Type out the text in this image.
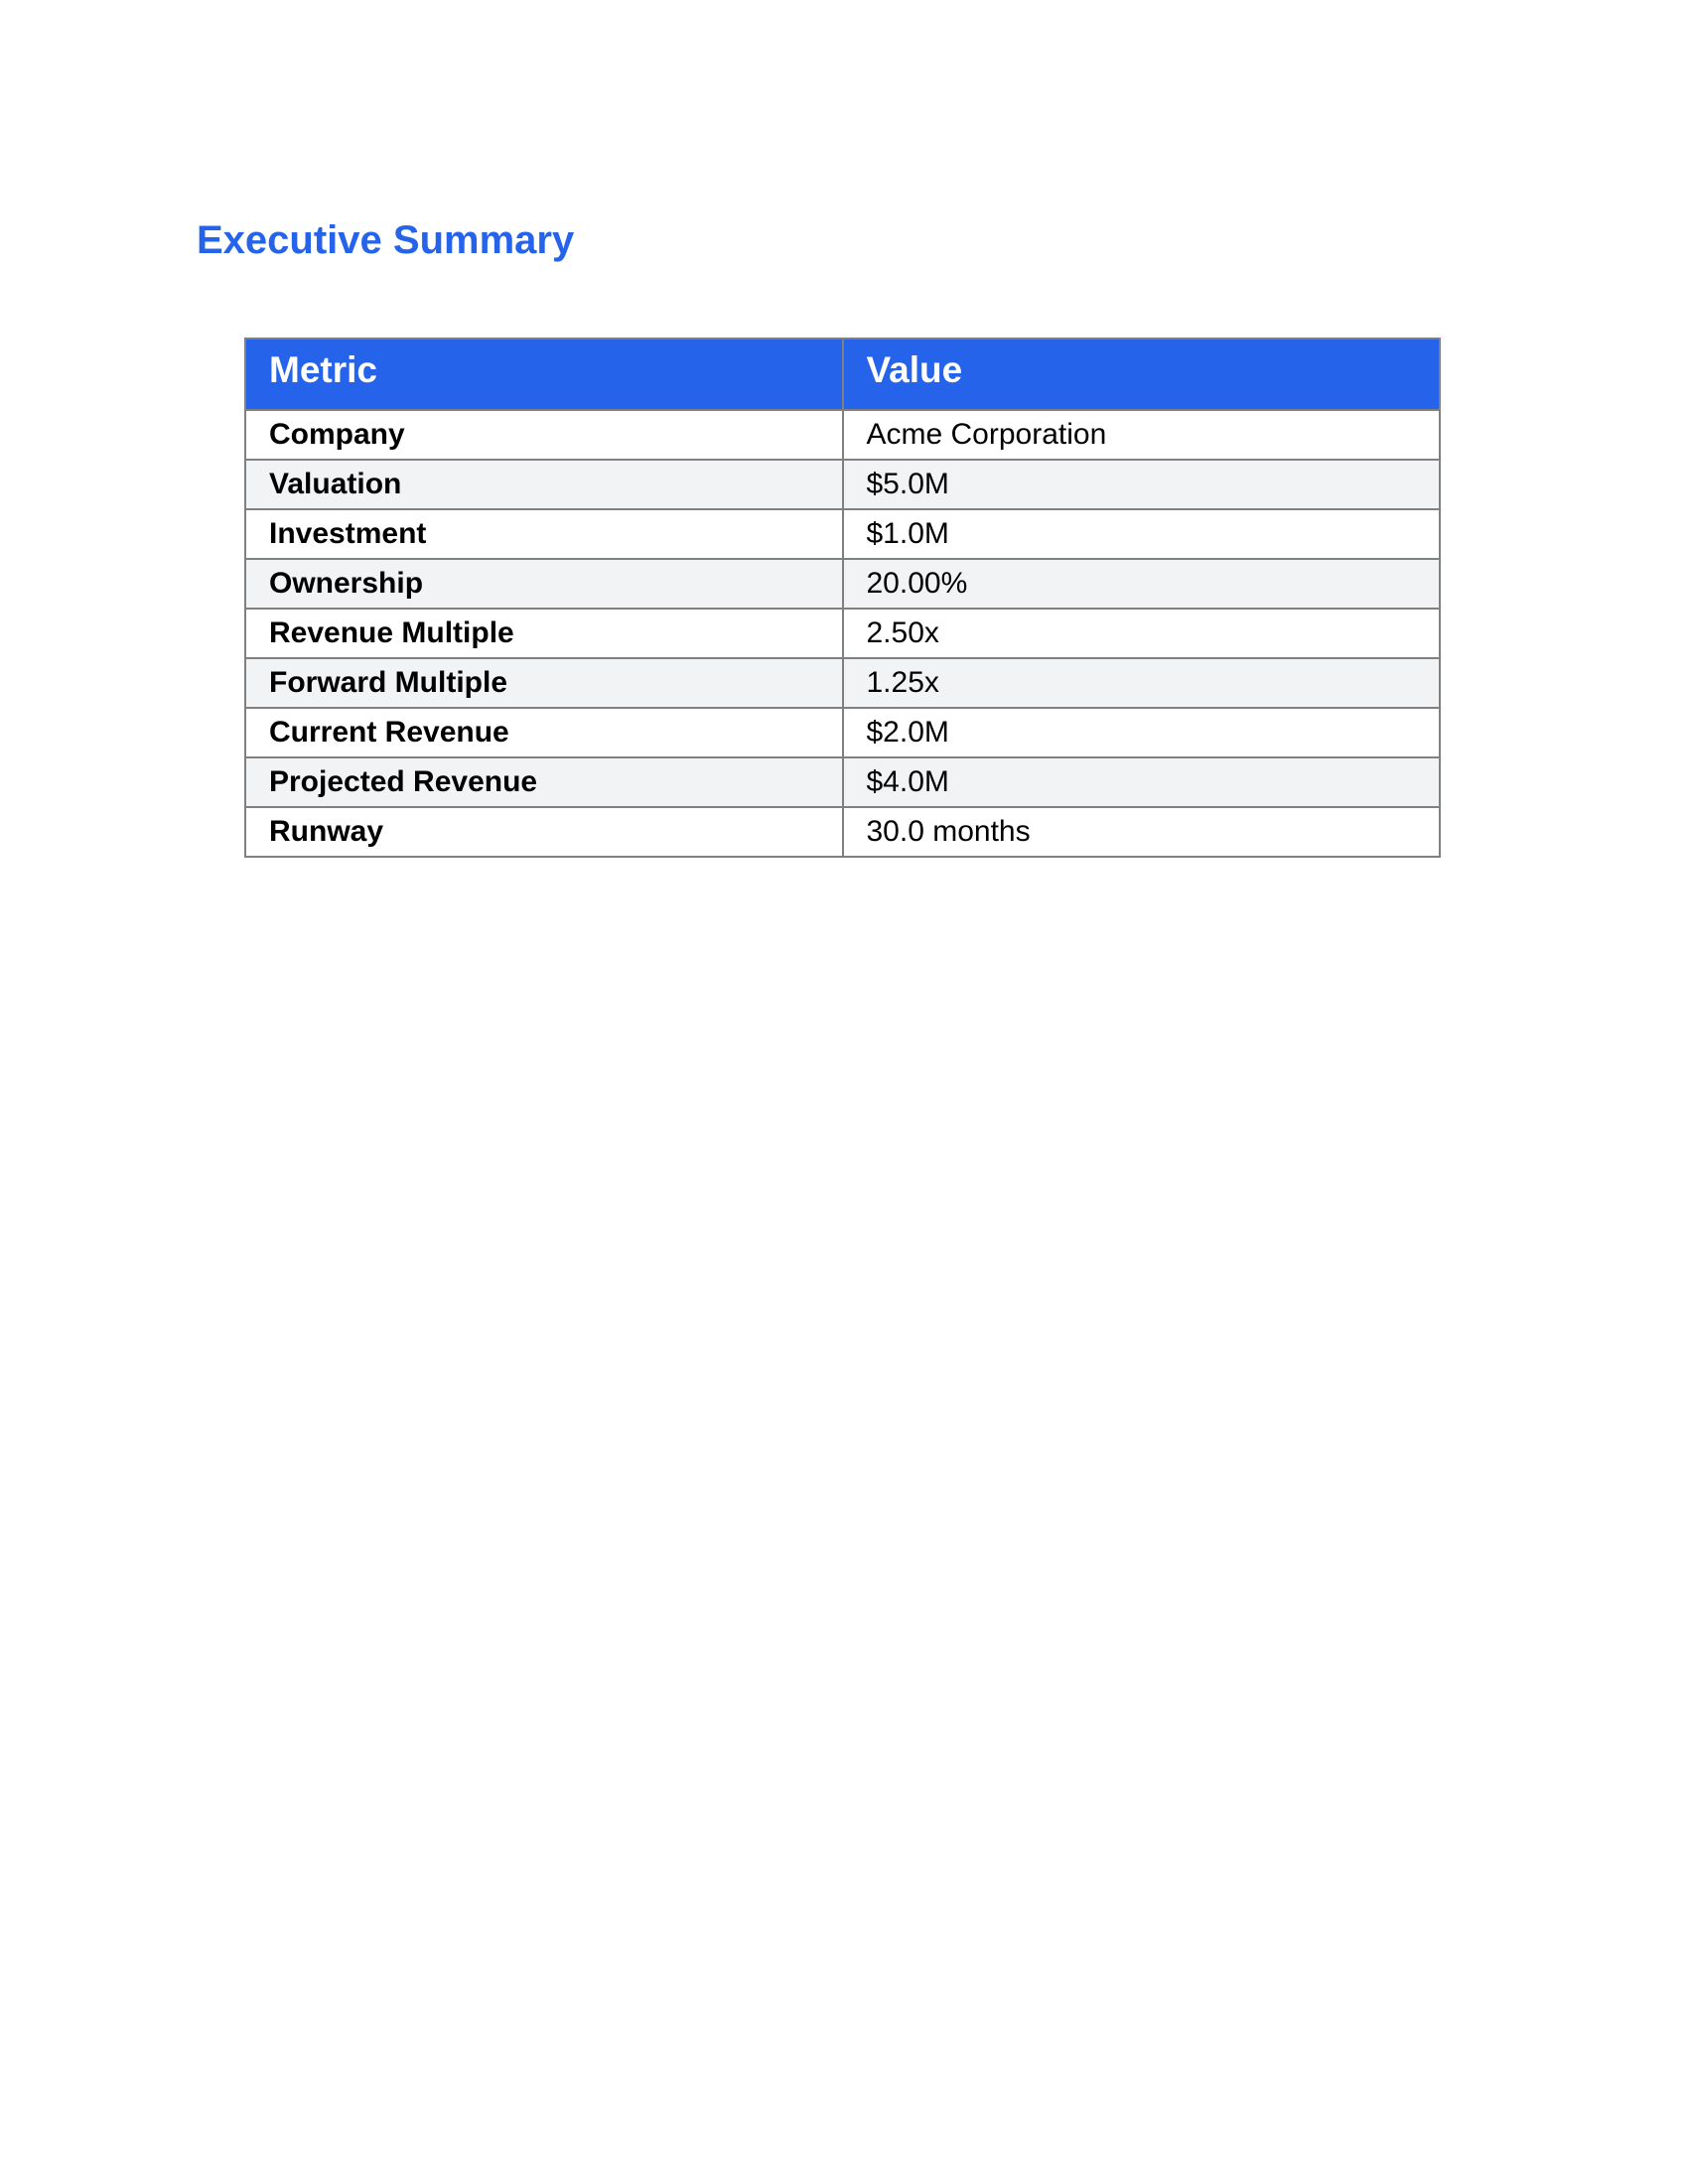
Executive Summary
Metric	Value
Company	Acme Corporation
Valuation	$5.0M
Investment	$1.0M
Ownership	20.00%
Revenue Multiple	2.50x
Forward Multiple	1.25x
Current Revenue	$2.0M
Projected Revenue	$4.0M
Runway	30.0 months
